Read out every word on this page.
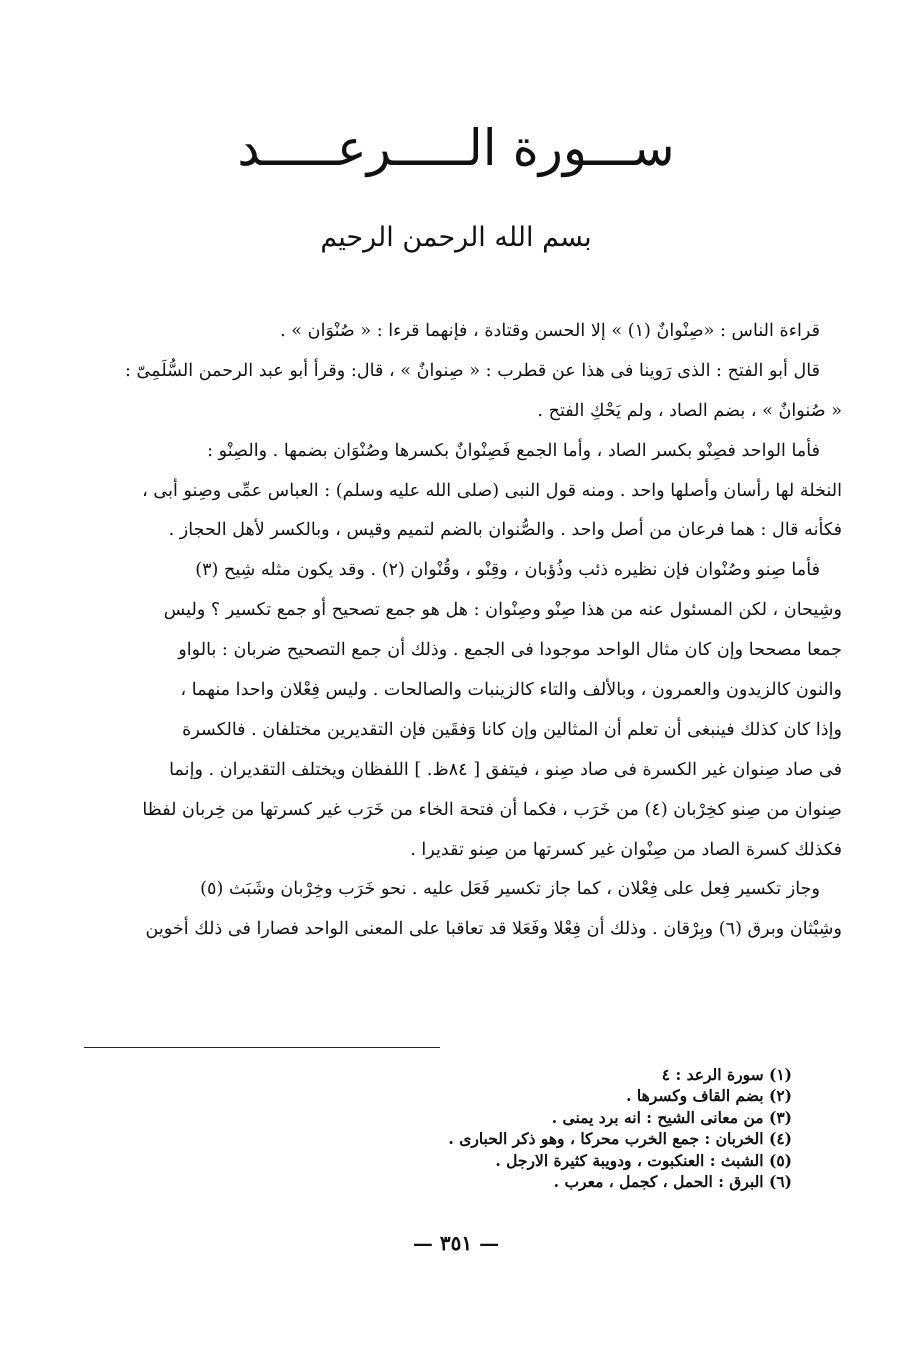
ســـورة الـــــرعـــــد
بسم الله الرحمن الرحيم
قراءة الناس : «صِنْوانٌ (١) » إلا الحسن وقتادة ، فإنهما قرءا : « صُنْوَان » .
قال أبو الفتح : الذى رَوينا فى هذا عن قطرب : « صِنوانٌ » ، قال: وقرأ أبو عبد الرحمن السُّلَمِىّ :
« صُنوانٌ » ، بضم الصاد ، ولم يَحْكِ الفتح .
فأما الواحد فصِنْو بكسر الصاد ، وأما الجمع فَصِنْوانٌ بكسرها وصُنْوَان بضمها . والصِنْو :
النخلة لها رأسان وأصلها واحد . ومنه قول النبى (صلى الله عليه وسلم) : العباس عمِّى وصِنو أبى ،
فكأنه قال : هما فرعان من أصل واحد . والصُّنوان بالضم لتميم وقيس ، وبالكسر لأهل الحجاز .
فأما صِنو وصُنْوان فإن نظيره ذئب وذُؤبان ، وقِنْو ، وقُنْوان (٢) . وقد يكون مثله شِيح (٣)
وشِيحان ، لكن المسئول عنه من هذا صِنْو وصِنْوان : هل هو جمع تصحيح أو جمع تكسير ؟ وليس
جمعا مصححا وإن كان مثال الواحد موجودا فى الجمع . وذلك أن جمع التصحيح ضربان : بالواو
والنون كالزيدون والعمرون ، وبالألف والتاء كالزينبات والصالحات . وليس فِعْلان واحدا منهما ،
وإذا كان كذلك فينبغى أن تعلم أن المثالين وإن كانا وَفقَين فإن التقديرين مختلفان . فالكسرة
فى صاد صِنوان غير الكسرة فى صاد صِنو ، فيتفق [ ٨٤ظ. ] اللفظان ويختلف التقديران . وإنما
صِنوان من صِنو كخِرْبان (٤) من خَرَب ، فكما أن فتحة الخاء من خَرَب غير كسرتها من خِربان لفظا
فكذلك كسرة الصاد من صِنْوان غير كسرتها من صِنو تقديرا .
وجاز تكسير فِعل على فِعْلان ، كما جاز تكسير فَعَل عليه . نحو خَرَب وخِرْبان وشَبَث (٥)
وشِبْثان وبرق (٦) وبِرْقان . وذلك أن فِعْلا وفَعَلا قد تعاقبا على المعنى الواحد فصارا فى ذلك أخوين
(١) سورة الرعد : ٤
(٢) بضم القاف وكسرها .
(٣) من معانى الشيح : انه برد يمنى .
(٤) الخربان : جمع الخرب محركا ، وهو ذكر الحبارى .
(٥) الشبث : العنكبوت ، ودويبة كثيرة الارجل .
(٦) البرق : الحمل ، كجمل ، معرب .
— ٣٥١ —
